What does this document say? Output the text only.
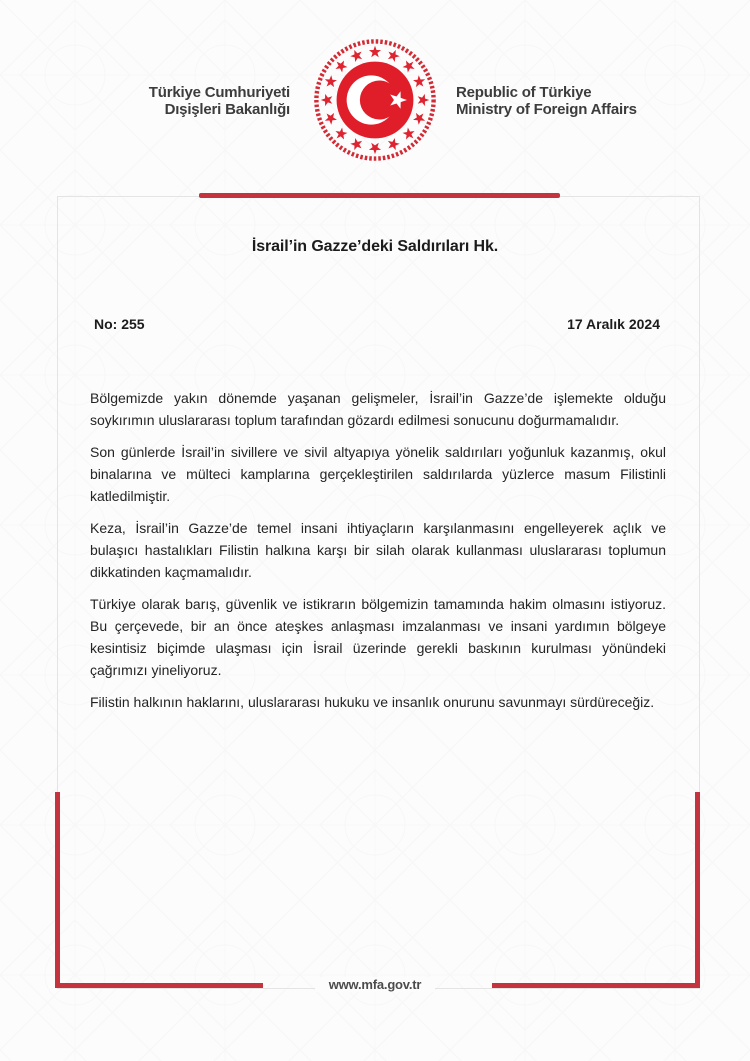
Türkiye Cumhuriyeti
Dışişleri Bakanlığı
Republic of Türkiye
Ministry of Foreign Affairs
İsrail’in Gazze’deki Saldırıları Hk.
No: 255	17 Aralık 2024

Bölgemizde yakın dönemde yaşanan gelişmeler, İsrail’in Gazze’de işlemekte olduğu soykırımın uluslararası toplum tarafından gözardı edilmesi sonucunu doğurmamalıdır.

Son günlerde İsrail’in sivillere ve sivil altyapıya yönelik saldırıları yoğunluk kazanmış, okul binalarına ve mülteci kamplarına gerçekleştirilen saldırılarda yüzlerce masum Filistinli katledilmiştir.

Keza, İsrail’in Gazze’de temel insani ihtiyaçların karşılanmasını engelleyerek açlık ve bulaşıcı hastalıkları Filistin halkına karşı bir silah olarak kullanması uluslararası toplumun dikkatinden kaçmamalıdır.

Türkiye olarak barış, güvenlik ve istikrarın bölgemizin tamamında hakim olmasını istiyoruz. Bu çerçevede, bir an önce ateşkes anlaşması imzalanması ve insani yardımın bölgeye kesintisiz biçimde ulaşması için İsrail üzerinde gerekli baskının kurulması yönündeki çağrımızı yineliyoruz.

Filistin halkının haklarını, uluslararası hukuku ve insanlık onurunu savunmayı sürdüreceğiz.

www.mfa.gov.tr
